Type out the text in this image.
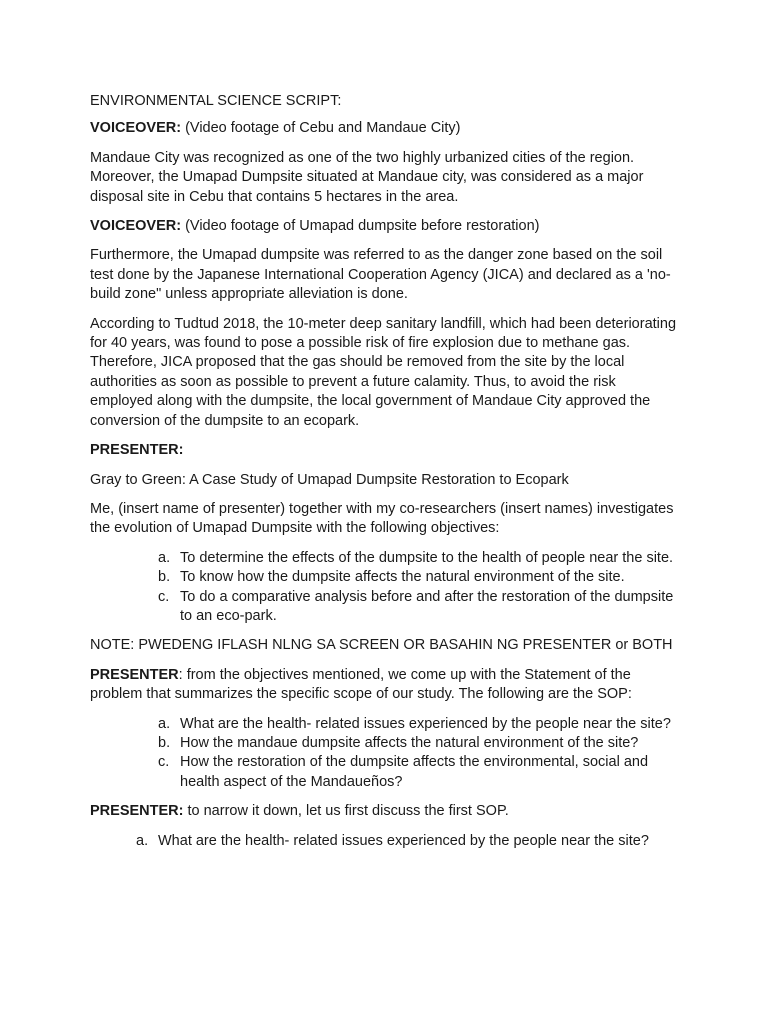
ENVIRONMENTAL SCIENCE SCRIPT:

VOICEOVER: (Video footage of Cebu and Mandaue City)

Mandaue City was recognized as one of the two highly urbanized cities of the region. Moreover, the Umapad Dumpsite situated at Mandaue city, was considered as a major disposal site in Cebu that contains 5 hectares in the area.

VOICEOVER: (Video footage of Umapad dumpsite before restoration)

Furthermore, the Umapad dumpsite was referred to as the danger zone based on the soil test done by the Japanese International Cooperation Agency (JICA) and declared as a 'no-build zone" unless appropriate alleviation is done.

According to Tudtud 2018, the 10-meter deep sanitary landfill, which had been deteriorating for 40 years, was found to pose a possible risk of fire explosion due to methane gas. Therefore, JICA proposed that the gas should be removed from the site by the local authorities as soon as possible to prevent a future calamity. Thus, to avoid the risk employed along with the dumpsite, the local government of Mandaue City approved the conversion of the dumpsite to an ecopark.

PRESENTER:

Gray to Green: A Case Study of Umapad Dumpsite Restoration to Ecopark

Me, (insert name of presenter) together with my co-researchers (insert names) investigates the evolution of Umapad Dumpsite with the following objectives:

a. To determine the effects of the dumpsite to the health of people near the site.
b. To know how the dumpsite affects the natural environment of the site.
c. To do a comparative analysis before and after the restoration of the dumpsite to an eco-park.

NOTE: PWEDENG IFLASH NLNG SA SCREEN OR BASAHIN NG PRESENTER or BOTH

PRESENTER: from the objectives mentioned, we come up with the Statement of the problem that summarizes the specific scope of our study. The following are the SOP:

a. What are the health- related issues experienced by the people near the site?
b. How the mandaue dumpsite affects the natural environment of the site?
c. How the restoration of the dumpsite affects the environmental, social and health aspect of the Mandaueños?

PRESENTER: to narrow it down, let us first discuss the first SOP.

a. What are the health- related issues experienced by the people near the site?
